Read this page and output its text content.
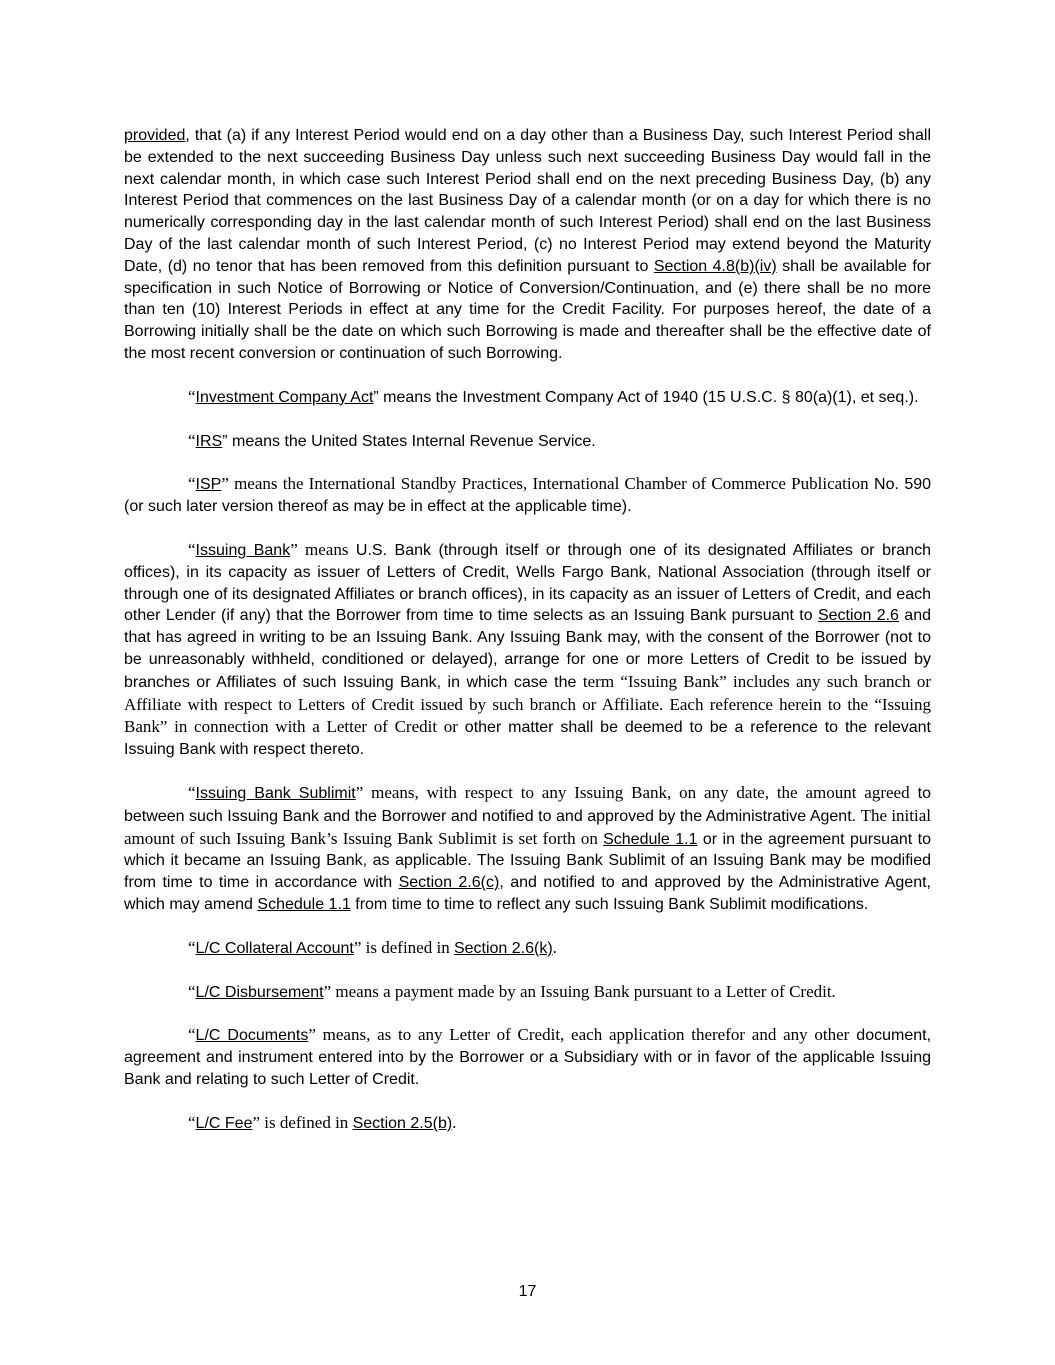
provided, that (a) if any Interest Period would end on a day other than a Business Day, such Interest Period shall be extended to the next succeeding Business Day unless such next succeeding Business Day would fall in the next calendar month, in which case such Interest Period shall end on the next preceding Business Day, (b) any Interest Period that commences on the last Business Day of a calendar month (or on a day for which there is no numerically corresponding day in the last calendar month of such Interest Period) shall end on the last Business Day of the last calendar month of such Interest Period, (c) no Interest Period may extend beyond the Maturity Date, (d) no tenor that has been removed from this definition pursuant to Section 4.8(b)(iv) shall be available for specification in such Notice of Borrowing or Notice of Conversion/Continuation, and (e) there shall be no more than ten (10) Interest Periods in effect at any time for the Credit Facility. For purposes hereof, the date of a Borrowing initially shall be the date on which such Borrowing is made and thereafter shall be the effective date of the most recent conversion or continuation of such Borrowing.

“Investment Company Act” means the Investment Company Act of 1940 (15 U.S.C. § 80(a)(1), et seq.).

“IRS” means the United States Internal Revenue Service.

“ISP” means the International Standby Practices, International Chamber of Commerce Publication No. 590 (or such later version thereof as may be in effect at the applicable time).

“Issuing Bank” means U.S. Bank (through itself or through one of its designated Affiliates or branch offices), in its capacity as issuer of Letters of Credit, Wells Fargo Bank, National Association (through itself or through one of its designated Affiliates or branch offices), in its capacity as an issuer of Letters of Credit, and each other Lender (if any) that the Borrower from time to time selects as an Issuing Bank pursuant to Section 2.6 and that has agreed in writing to be an Issuing Bank. Any Issuing Bank may, with the consent of the Borrower (not to be unreasonably withheld, conditioned or delayed), arrange for one or more Letters of Credit to be issued by branches or Affiliates of such Issuing Bank, in which case the term “Issuing Bank” includes any such branch or Affiliate with respect to Letters of Credit issued by such branch or Affiliate. Each reference herein to the “Issuing Bank” in connection with a Letter of Credit or other matter shall be deemed to be a reference to the relevant Issuing Bank with respect thereto.

“Issuing Bank Sublimit” means, with respect to any Issuing Bank, on any date, the amount agreed to between such Issuing Bank and the Borrower and notified to and approved by the Administrative Agent. The initial amount of such Issuing Bank’s Issuing Bank Sublimit is set forth on Schedule 1.1 or in the agreement pursuant to which it became an Issuing Bank, as applicable. The Issuing Bank Sublimit of an Issuing Bank may be modified from time to time in accordance with Section 2.6(c), and notified to and approved by the Administrative Agent, which may amend Schedule 1.1 from time to time to reflect any such Issuing Bank Sublimit modifications.

“L/C Collateral Account” is defined in Section 2.6(k).

“L/C Disbursement” means a payment made by an Issuing Bank pursuant to a Letter of Credit.

“L/C Documents” means, as to any Letter of Credit, each application therefor and any other document, agreement and instrument entered into by the Borrower or a Subsidiary with or in favor of the applicable Issuing Bank and relating to such Letter of Credit.

“L/C Fee” is defined in Section 2.5(b).

17
